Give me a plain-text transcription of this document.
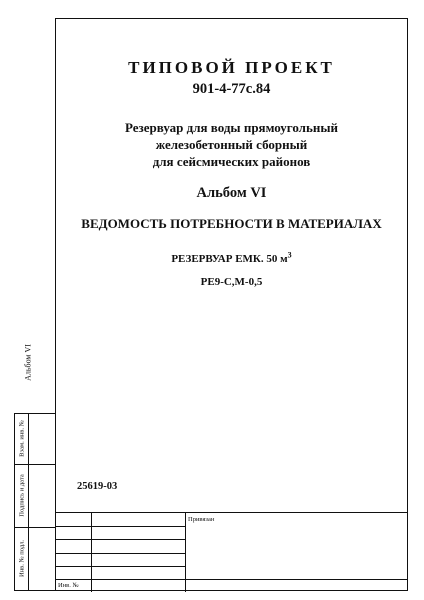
ТИПОВОЙ ПРОЕКТ
901-4-77с.84
Резервуар для воды прямоугольный
железобетонный сборный
для сейсмических районов
Альбом VI
ВЕДОМОСТЬ ПОТРЕБНОСТИ В МАТЕРИАЛАХ
РЕЗЕРВУАР ЕМК. 50 $м^3$
РЕ9-С,М-0,5
25619-03
Альбом VI
Взам. инв. №
Подпись и дата
Инв. № подл.
Привязан
Инв. №
